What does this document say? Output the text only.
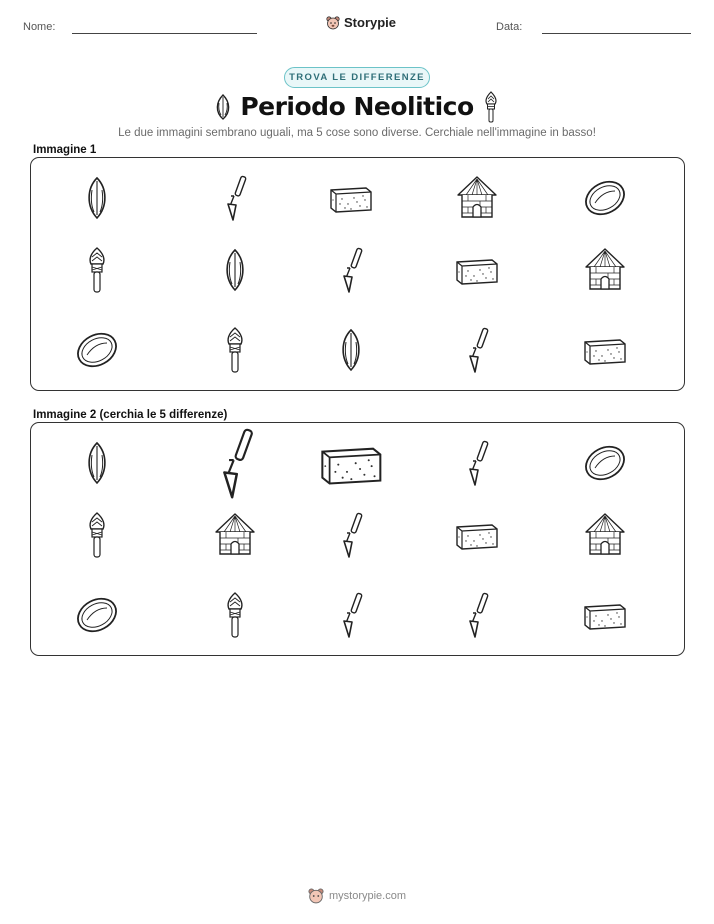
Nome:	Storypie	Data:
TROVA LE DIFFERENZE
Periodo Neolitico
Le due immagini sembrano uguali, ma 5 cose sono diverse. Cerchiale nell'immagine in basso!
Immagine 1
Immagine 2 (cerchia le 5 differenze)
mystorypie.com
